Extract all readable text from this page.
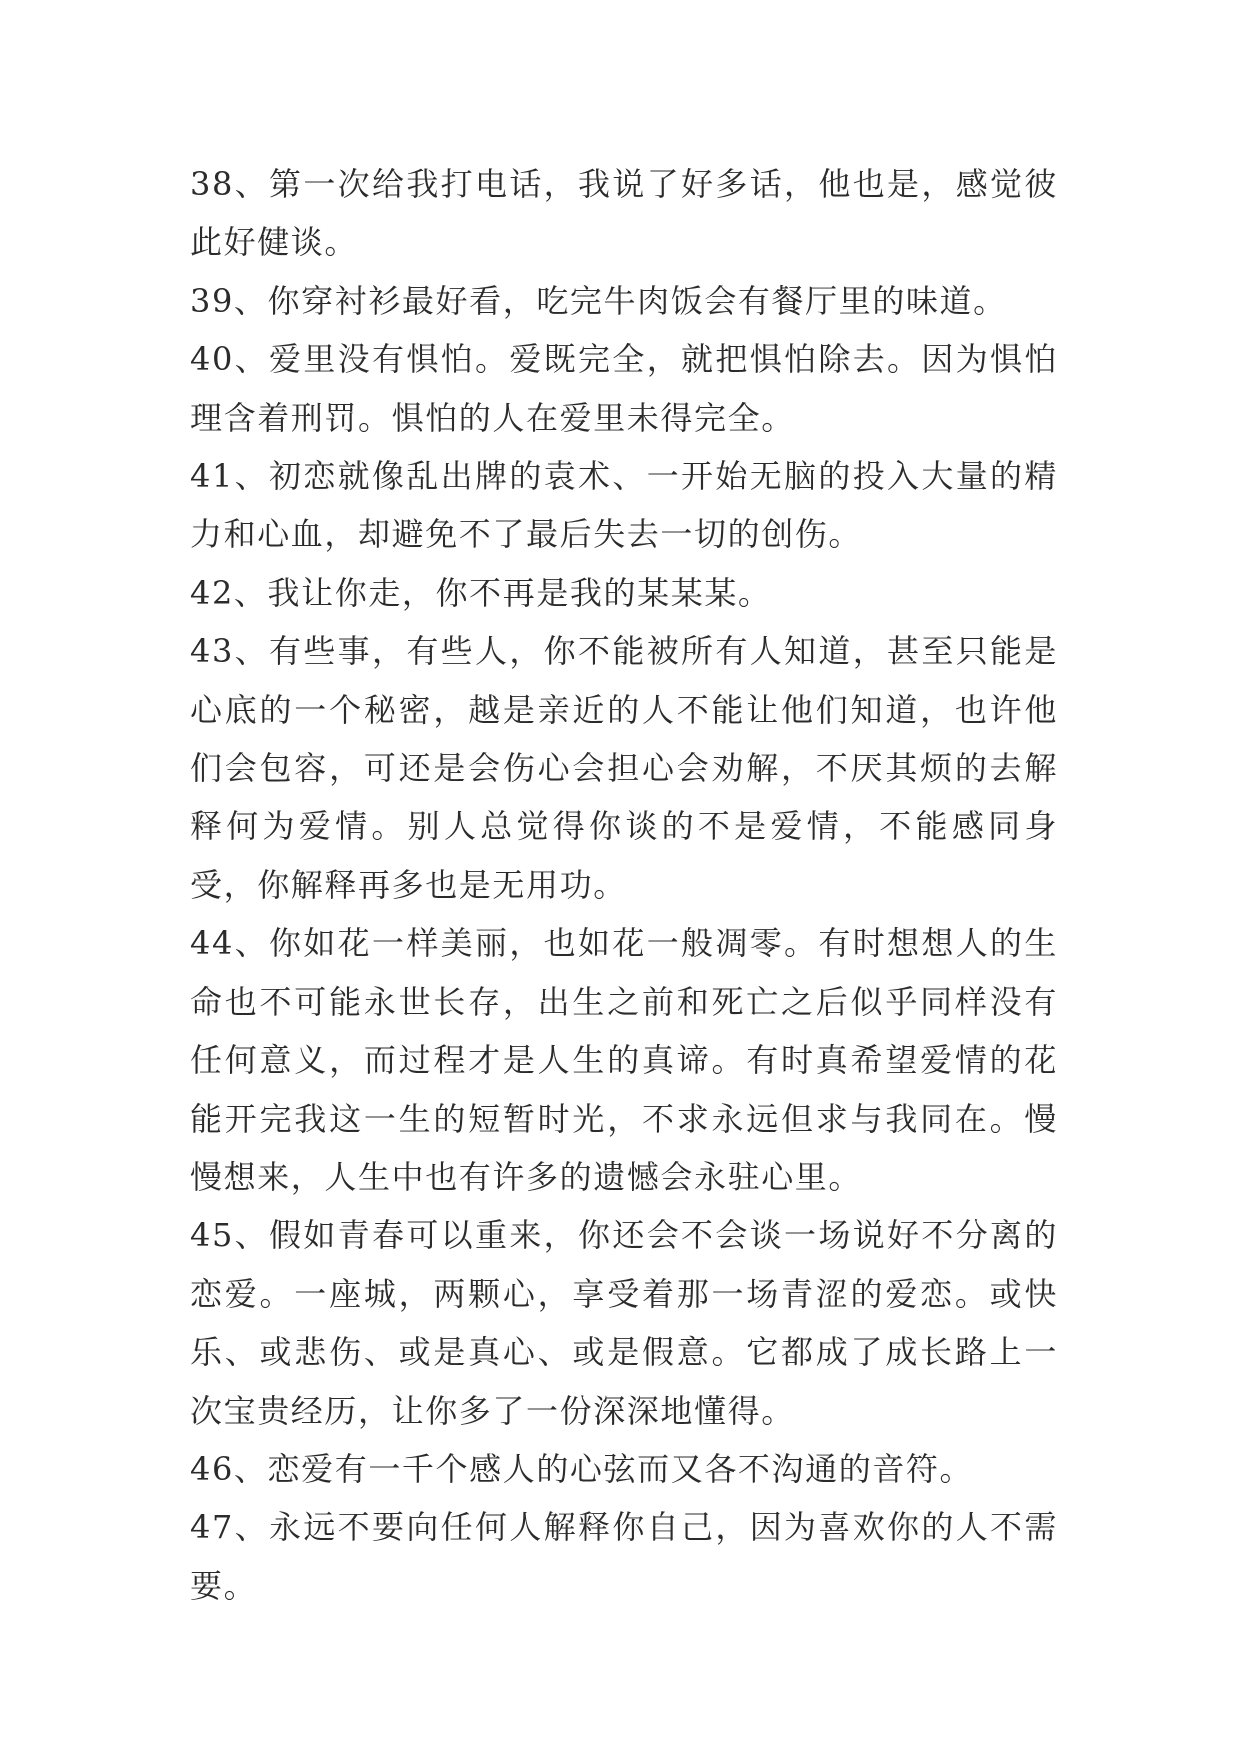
38、第一次给我打电话，我说了好多话，他也是，感觉彼此好健谈。

39、你穿衬衫最好看，吃完牛肉饭会有餐厅里的味道。

40、爱里没有惧怕。爱既完全，就把惧怕除去。因为惧怕理含着刑罚。惧怕的人在爱里未得完全。

41、初恋就像乱出牌的袁术、一开始无脑的投入大量的精力和心血，却避免不了最后失去一切的创伤。

42、我让你走，你不再是我的某某某。

43、有些事，有些人，你不能被所有人知道，甚至只能是心底的一个秘密，越是亲近的人不能让他们知道，也许他们会包容，可还是会伤心会担心会劝解，不厌其烦的去解释何为爱情。别人总觉得你谈的不是爱情，不能感同身受，你解释再多也是无用功。

44、你如花一样美丽，也如花一般凋零。有时想想人的生命也不可能永世长存，出生之前和死亡之后似乎同样没有任何意义，而过程才是人生的真谛。有时真希望爱情的花能开完我这一生的短暂时光，不求永远但求与我同在。慢慢想来，人生中也有许多的遗憾会永驻心里。

45、假如青春可以重来，你还会不会谈一场说好不分离的恋爱。一座城，两颗心，享受着那一场青涩的爱恋。或快乐、或悲伤、或是真心、或是假意。它都成了成长路上一次宝贵经历，让你多了一份深深地懂得。

46、恋爱有一千个感人的心弦而又各不沟通的音符。

47、永远不要向任何人解释你自己，因为喜欢你的人不需要。
